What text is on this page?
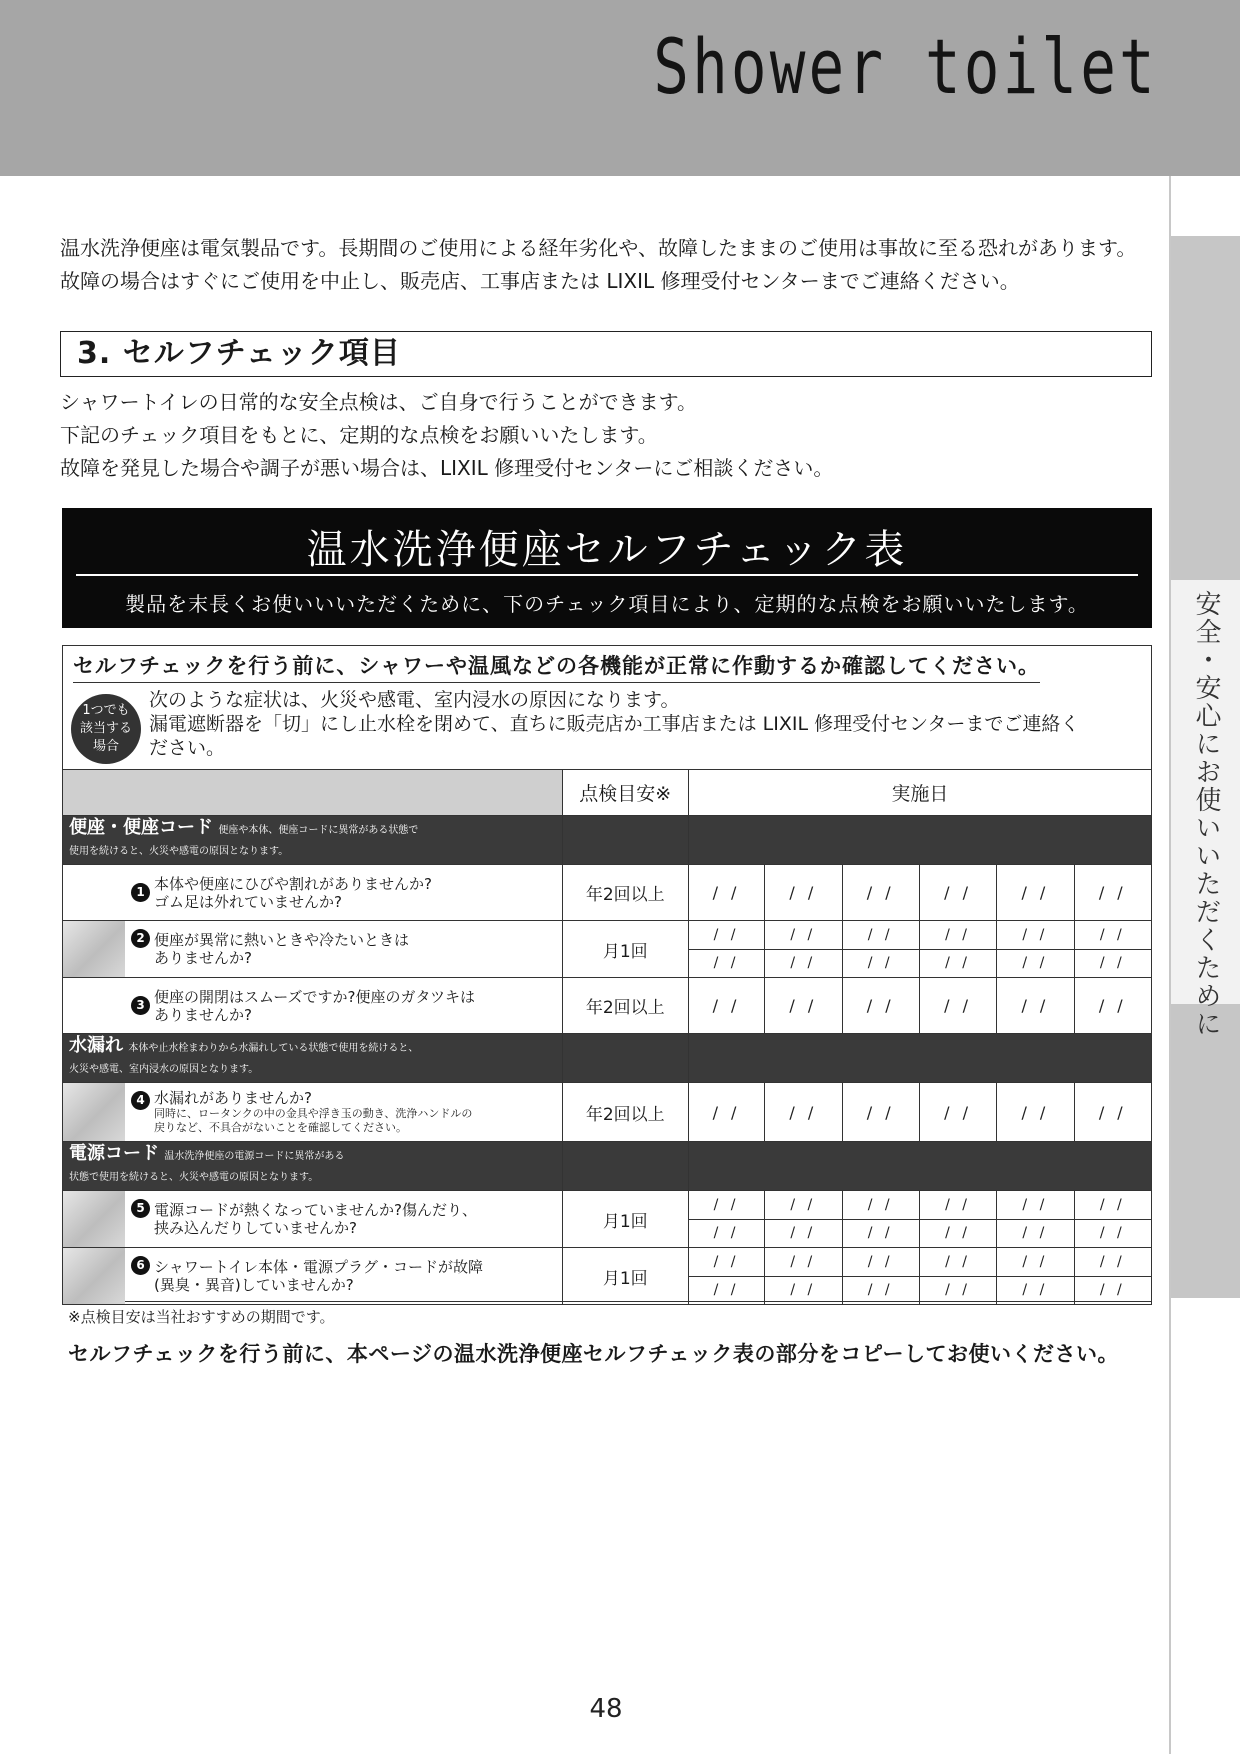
Shower toilet
安全・安心にお使いいただくために
温水洗浄便座は電気製品です。長期間のご使用による経年劣化や、故障したままのご使用は事故に至る恐れがあります。
故障の場合はすぐにご使用を中止し、販売店、工事店または LIXIL 修理受付センターまでご連絡ください。
3. セルフチェック項目
シャワートイレの日常的な安全点検は、ご自身で行うことができます。
下記のチェック項目をもとに、定期的な点検をお願いいたします。
故障を発見した場合や調子が悪い場合は、LIXIL 修理受付センターにご相談ください。
温水洗浄便座セルフチェック表
製品を末長くお使いいいただくために、下のチェック項目により、定期的な点検をお願いいたします。
セルフチェックを行う前に、シャワーや温風などの各機能が正常に作動するか確認してください。
1つでも
該当する
場合
次のような症状は、火災や感電、室内浸水の原因になります。
漏電遮断器を「切」にし止水栓を閉めて、直ちに販売店か工事店または LIXIL 修理受付センターまでご連絡く
ださい。
	点検目安※	実施日					
便座・便座コード 便座や本体、便座コードに異常がある状態で
使用を続けると、火災や感電の原因となります。							

1 本体や便座にひびや割れがありませんか?
ゴム足は外れていませんか?	年2回以上	/ /	/ /	/ /	/ /	/ /	/ /

2 便座が異常に熱いときや冷たいときは
ありませんか?	月1回	/ /	/ /	/ /	/ /	/ /	/ /
		/ /	/ /	/ /	/ /	/ /	/ /

3 便座の開閉はスムーズですか?便座のガタツキは
ありませんか?	年2回以上	/ /	/ /	/ /	/ /	/ /	/ /
水漏れ 本体や止水栓まわりから水漏れしている状態で使用を続けると、
火災や感電、室内浸水の原因となります。							

4 水漏れがありませんか?
同時に、ロータンクの中の金具や浮き玉の動き、洗浄ハンドルの
戻りなど、不具合がないことを確認してください。	年2回以上	/ /	/ /	/ /	/ /	/ /	/ /
電源コード 温水洗浄便座の電源コードに異常がある
状態で使用を続けると、火災や感電の原因となります。							

5 電源コードが熱くなっていませんか?傷んだり、
挟み込んだりしていませんか?	月1回	/ /	/ /	/ /	/ /	/ /	/ /
		/ /	/ /	/ /	/ /	/ /	/ /

6 シャワートイレ本体・電源プラグ・コードが故障
(異臭・異音)していませんか?	月1回	/ /	/ /	/ /	/ /	/ /	/ /
		/ /	/ /	/ /	/ /	/ /	/ /
※点検目安は当社おすすめの期間です。
セルフチェックを行う前に、本ページの温水洗浄便座セルフチェック表の部分をコピーしてお使いください。
48
